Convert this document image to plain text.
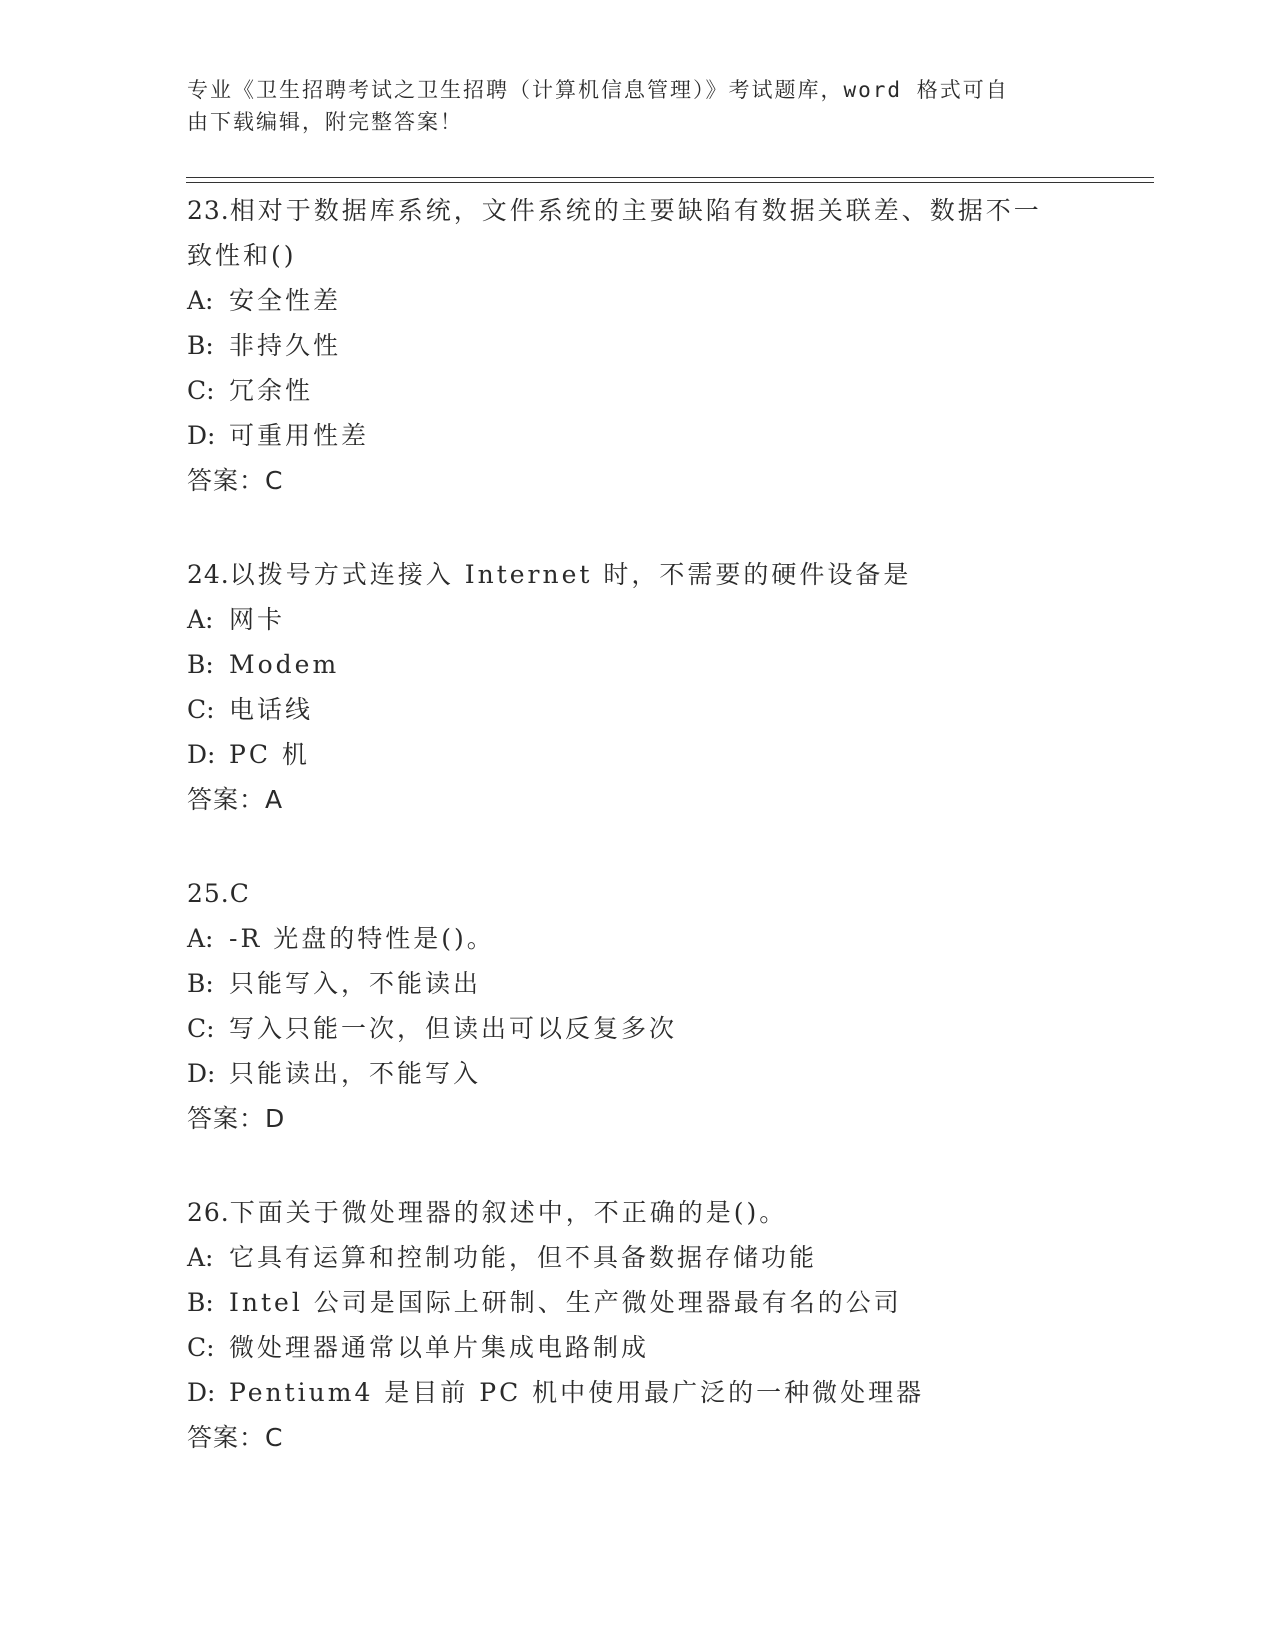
专业《卫生招聘考试之卫生招聘（计算机信息管理）》考试题库，word 格式可自
由下载编辑，附完整答案！
23.相对于数据库系统，文件系统的主要缺陷有数据关联差、数据不一
致性和()
A: 安全性差
B: 非持久性
C: 冗余性
D: 可重用性差
答案：C
24.以拨号方式连接入 Internet 时，不需要的硬件设备是
A: 网卡
B: Modem
C: 电话线
D: PC 机
答案：A
25.C
A: -R 光盘的特性是()。
B: 只能写入，不能读出
C: 写入只能一次，但读出可以反复多次
D: 只能读出，不能写入
答案：D
26.下面关于微处理器的叙述中，不正确的是()。
A: 它具有运算和控制功能，但不具备数据存储功能
B: Intel 公司是国际上研制、生产微处理器最有名的公司
C: 微处理器通常以单片集成电路制成
D: Pentium4 是目前 PC 机中使用最广泛的一种微处理器
答案：C
